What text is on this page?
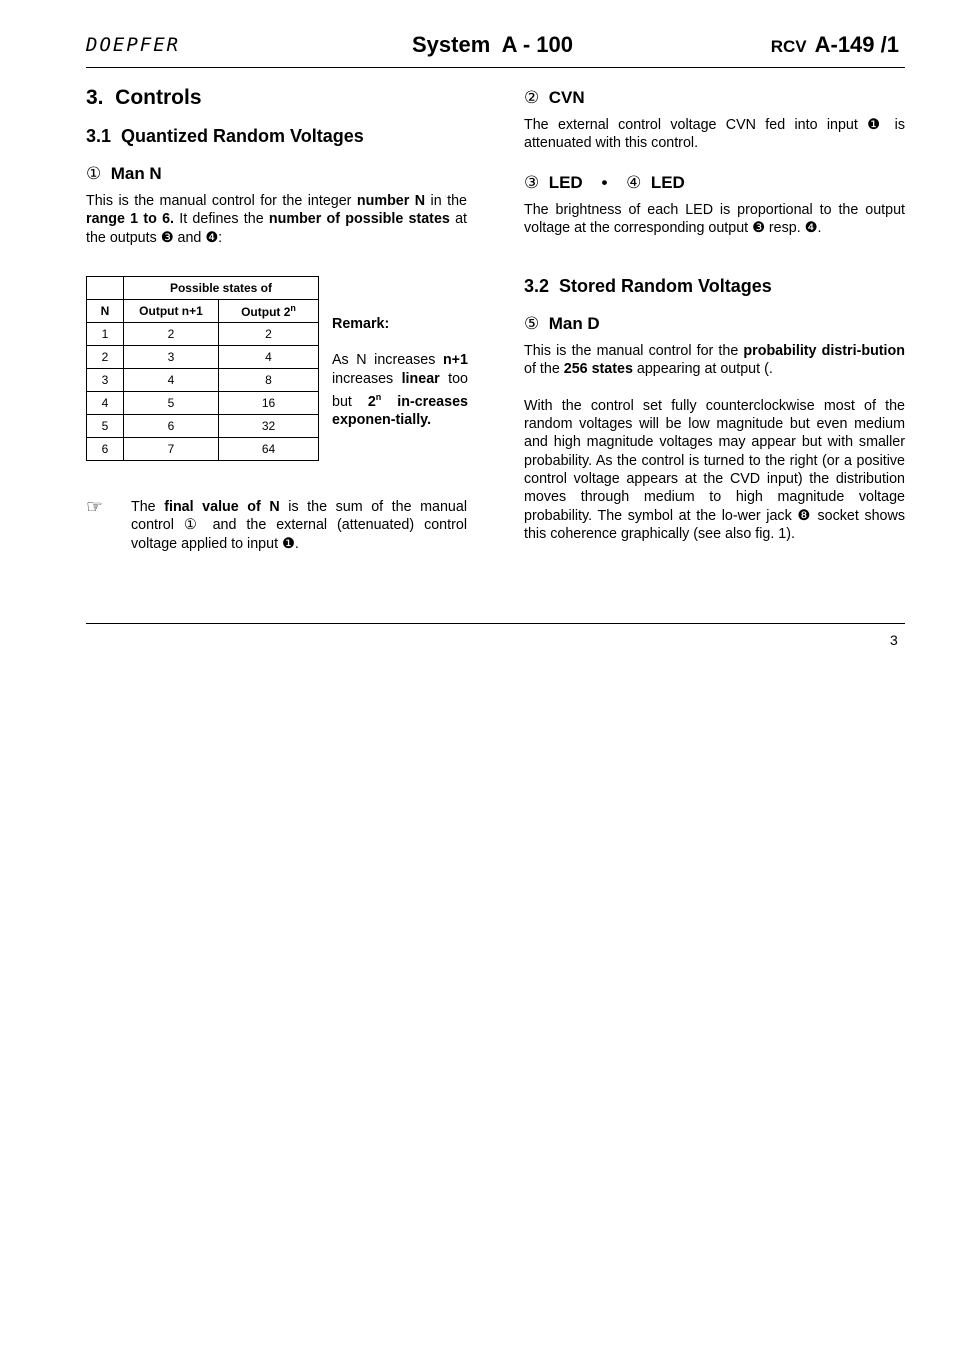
DOEPFER	System  A - 100	RCV A-149 /1
3.  Controls
3.1  Quantized Random Voltages
① Man N

This is the manual control for the integer number N in the range 1 to 6. It defines the number of possible states at the outputs ❸ and ❹:

	Possible states of	
N	Output n+1	Output 2$^n$
1	2	2
2	3	4
3	4	8
4	5	16
5	6	32
6	7	64
Remark:
As N increases n+1 increases linear too but 2$^n$ in-creases exponen-tially.
☞ The final value of N is the sum of the manual control ① and the external (attenuated) control voltage applied to input ❶.

② CVN

The external control voltage CVN fed into input ❶ is attenuated with this control.

③ LED • ④ LED

The brightness of each LED is proportional to the output voltage at the corresponding output ❸ resp. ❹.

3.2  Stored Random Voltages
⑤ Man D

This is the manual control for the probability distri-bution of the 256 states appearing at output (.

With the control set fully counterclockwise most of the random voltages will be low magnitude but even medium and high magnitude voltages may appear but with smaller probability. As the control is turned to the right (or a positive control voltage appears at the CVD input) the distribution moves through medium to high magnitude voltage probability. The symbol at the lo-wer jack ❽ socket shows this coherence graphically (see also fig. 1).

3
